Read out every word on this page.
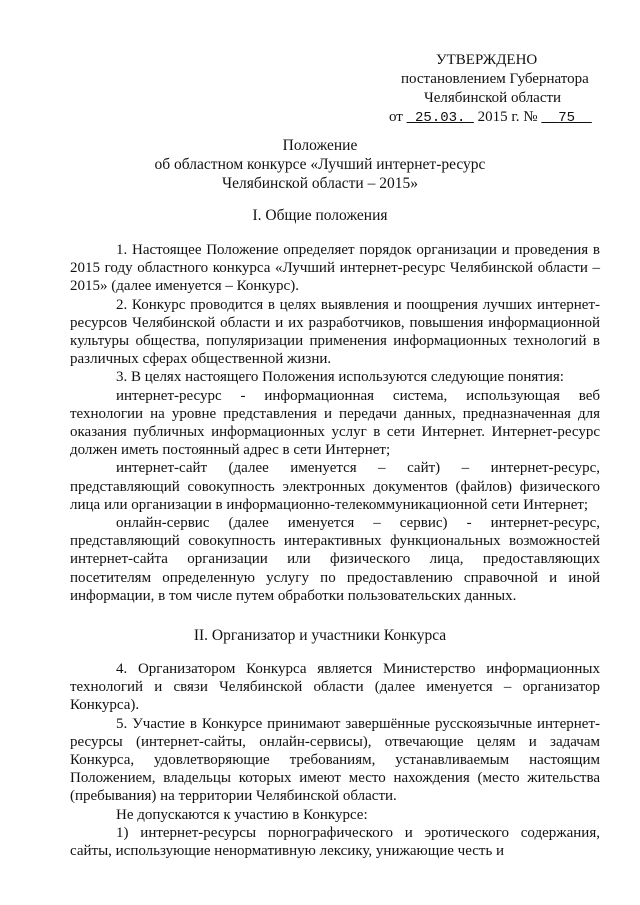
УТВЕРЖДЕНО
постановлением Губернатора
Челябинской области
от 25.03. 2015 г. № 75
Положение
об областном конкурсе «Лучший интернет-ресурс
Челябинской области – 2015»
I. Общие положения

1. Настоящее Положение определяет порядок организации и проведения в 2015 году областного конкурса «Лучший интернет-ресурс Челябинской области – 2015» (далее именуется – Конкурс).

2. Конкурс проводится в целях выявления и поощрения лучших интернет-ресурсов Челябинской области и их разработчиков, повышения информационной культуры общества, популяризации применения информационных технологий в различных сферах общественной жизни.

3. В целях настоящего Положения используются следующие понятия:

интернет-ресурс - информационная система, использующая веб технологии на уровне представления и передачи данных, предназначенная для оказания публичных информационных услуг в сети Интернет. Интернет-ресурс должен иметь постоянный адрес в сети Интернет;

интернет-сайт (далее именуется – сайт) – интернет-ресурс, представляющий совокупность электронных документов (файлов) физического лица или организации в информационно-телекоммуникационной сети Интернет;

онлайн-сервис (далее именуется – сервис) - интернет-ресурс, представляющий совокупность интерактивных функциональных возможностей интернет-сайта организации или физического лица, предоставляющих посетителям определенную услугу по предоставлению справочной и иной информации, в том числе путем обработки пользовательских данных.

II. Организатор и участники Конкурса

4. Организатором Конкурса является Министерство информационных технологий и связи Челябинской области (далее именуется – организатор Конкурса).

5. Участие в Конкурсе принимают завершённые русскоязычные интернет-ресурсы (интернет-сайты, онлайн-сервисы), отвечающие целям и задачам Конкурса, удовлетворяющие требованиям, устанавливаемым настоящим Положением, владельцы которых имеют место нахождения (место жительства (пребывания) на территории Челябинской области.

Не допускаются к участию в Конкурсе:

1) интернет-ресурсы порнографического и эротического содержания, сайты, использующие ненормативную лексику, унижающие честь и
